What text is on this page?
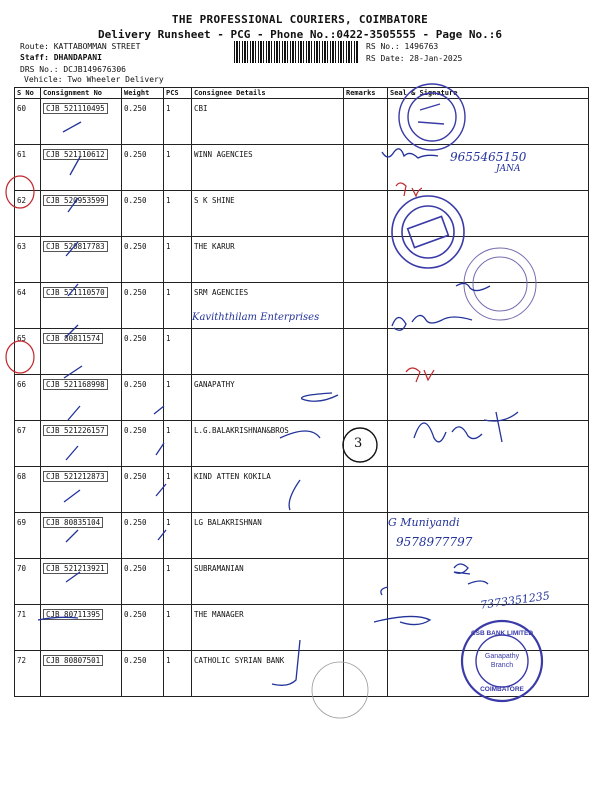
THE PROFESSIONAL COURIERS, COIMBATORE
Delivery Runsheet - PCG - Phone No.:0422-3505555 - Page No.:6
Route: KATTABOMMAN STREET
Staff: DHANDAPANI
DRS No.: DCJB149676306
Vehicle: Two Wheeler Delivery
RS No.: 1496763
RS Date: 28-Jan-2025
S No	Consignment No	Weight	PCS	Consignee Details	Remarks	Seal & Signature
60	CJB 521110495	0.250	1	CBI		
61	CJB 521110612	0.250	1	WINN AGENCIES		
62	CJB 520953599	0.250	1	S K SHINE		
63	CJB 520817783	0.250	1	THE KARUR		
64	CJB 521110570	0.250	1	SRM AGENCIES		
65	CJB 80811574	0.250	1			
66	CJB 521168998	0.250	1	GANAPATHY		
67	CJB 521226157	0.250	1	L.G.BALAKRISHNAN&BROS		
68	CJB 521212873	0.250	1	KIND ATTEN KOKILA		
69	CJB 80835104	0.250	1	LG BALAKRISHNAN		
70	CJB 521213921	0.250	1	SUBRAMANIAN		
71	CJB 80711395	0.250	1	THE MANAGER		
72	CJB 80807501	0.250	1	CATHOLIC SYRIAN BANK		
9655465150
JANA
Kaviththilam Enterprises
G Muniyandi
9578977797
7373351235
3
CSB BANK LIMITED
Ganapathy Branch
COIMBATORE
